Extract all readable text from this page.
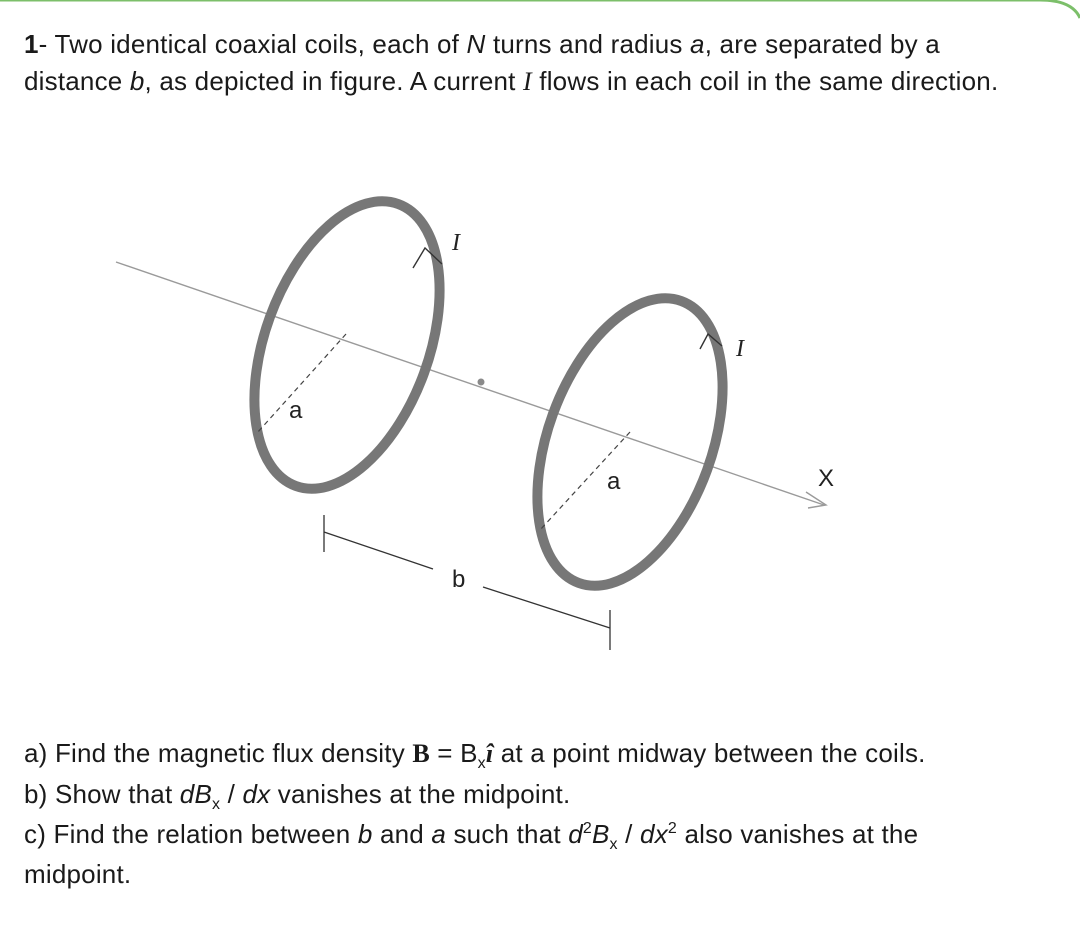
1- Two identical coaxial coils, each of N turns and radius a, are separated by a distance b, as depicted in figure. A current I flows in each coil in the same direction.
I
I
a
a
b
X
a) Find the magnetic flux density $B = B_xî$ at a point midway between the coils.
b) Show that $dB_x$ / dx vanishes at the midpoint.
c) Find the relation between b and a such that $d^2B_x / dx^2$ also vanishes at the midpoint.
